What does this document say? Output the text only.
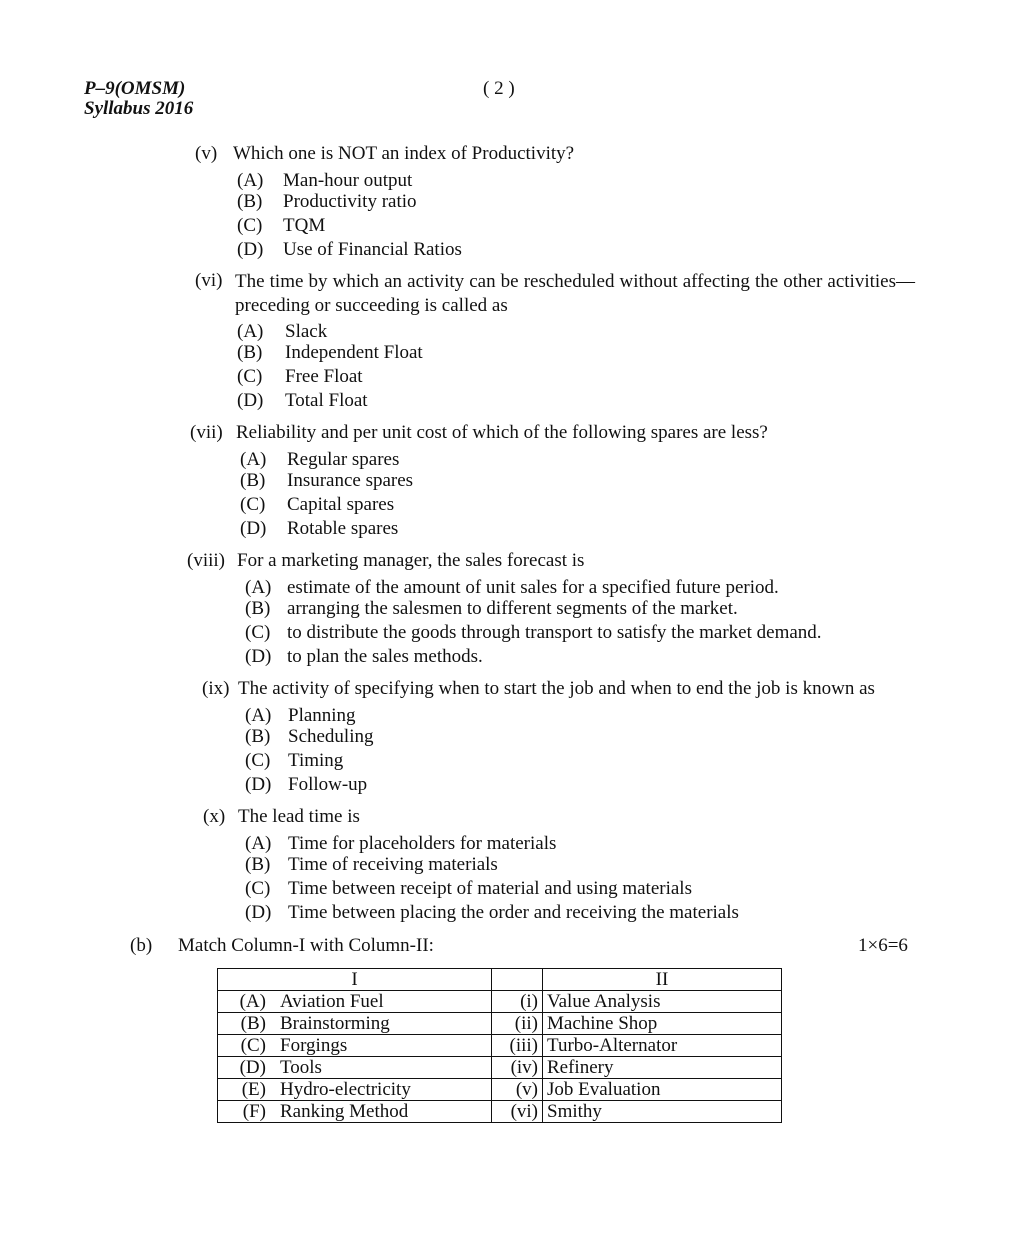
P–9(OMSM)
Syllabus 2016
( 2 )
(v) Which one is NOT an index of Productivity?
(A) Man-hour output
(B) Productivity ratio
(C) TQM
(D) Use of Financial Ratios
(vi) The time by which an activity can be rescheduled without affecting the other activities— preceding or succeeding is called as
(A) Slack
(B) Independent Float
(C) Free Float
(D) Total Float
(vii) Reliability and per unit cost of which of the following spares are less?
(A) Regular spares
(B) Insurance spares
(C) Capital spares
(D) Rotable spares
(viii) For a marketing manager, the sales forecast is
(A) estimate of the amount of unit sales for a specified future period.
(B) arranging the salesmen to different segments of the market.
(C) to distribute the goods through transport to satisfy the market demand.
(D) to plan the sales methods.
(ix) The activity of specifying when to start the job and when to end the job is known as
(A) Planning
(B) Scheduling
(C) Timing
(D) Follow-up
(x) The lead time is
(A) Time for placeholders for materials
(B) Time of receiving materials
(C) Time between receipt of material and using materials
(D) Time between placing the order and receiving the materials
(b) Match Column-I with Column-II:	1×6=6
I		II
(A) Aviation Fuel	(i)	Value Analysis
(B) Brainstorming	(ii)	Machine Shop
(C) Forgings	(iii)	Turbo-Alternator
(D) Tools	(iv)	Refinery
(E) Hydro-electricity	(v)	Job Evaluation
(F) Ranking Method	(vi)	Smithy
